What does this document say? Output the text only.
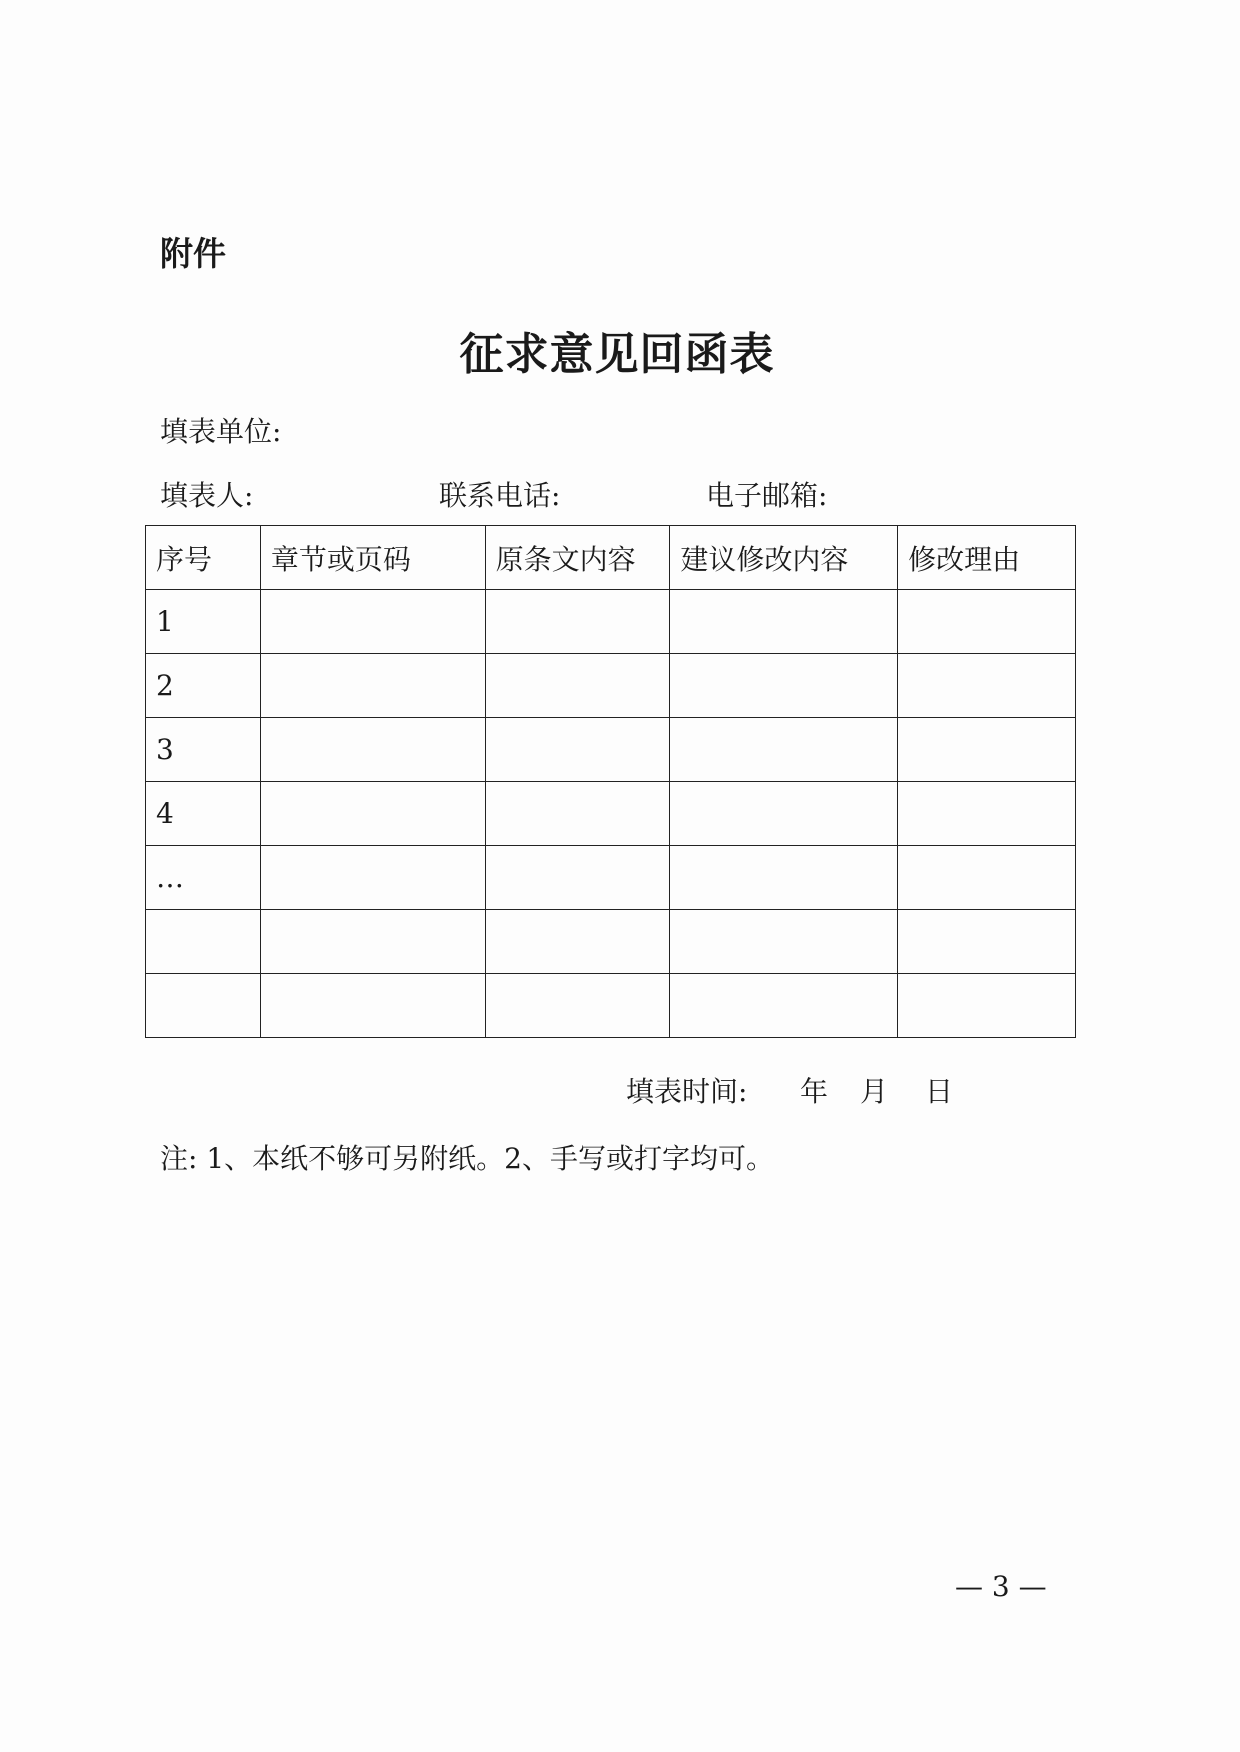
附件
征求意见回函表
填表单位:
填表人:	联系电话:	电子邮箱:
序号	章节或页码	原条文内容	建议修改内容	修改理由
1				
2				
3				
4				
…				

填表时间: 年 月 日
注: 1、本纸不够可另附纸。2、手写或打字均可。
— 3 —
